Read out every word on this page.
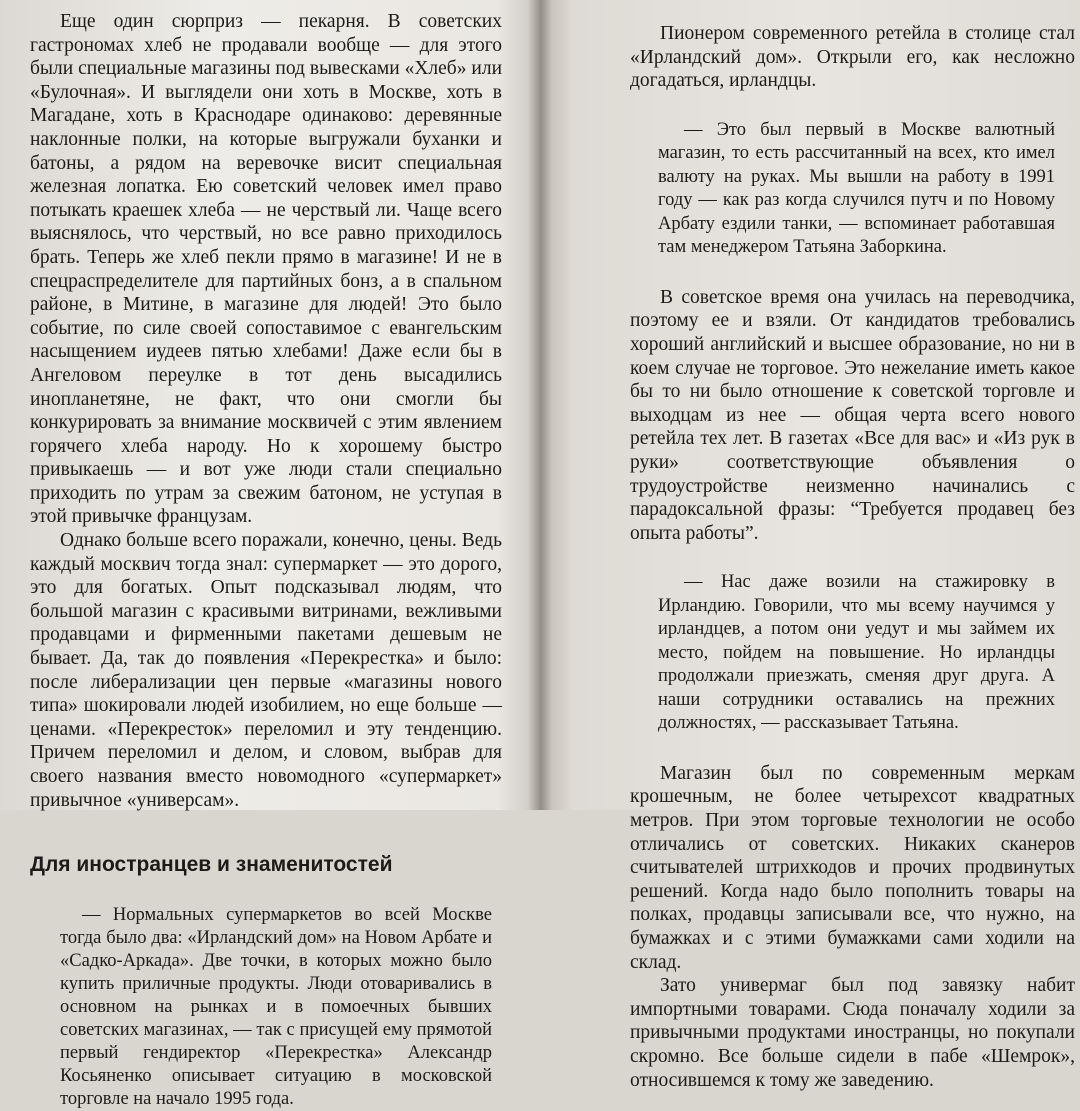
Еще один сюрприз — пекарня. В советских гастрономах хлеб не продавали вообще — для этого были специальные магазины под вывесками «Хлеб» или «Булочная». И выглядели они хоть в Москве, хоть в Магадане, хоть в Краснодаре одинаково: деревянные наклонные полки, на которые выгружали буханки и батоны, а рядом на веревочке висит специальная железная лопатка. Ею советский человек имел право потыкать краешек хлеба — не черствый ли. Чаще всего выяснялось, что черствый, но все равно приходилось брать. Теперь же хлеб пекли прямо в магазине! И не в спецраспределителе для партийных бонз, а в спальном районе, в Митине, в магазине для людей! Это было событие, по силе своей сопоставимое с евангельским насыщением иудеев пятью хлебами! Даже если бы в Ангеловом переулке в тот день высадились инопланетяне, не факт, что они смогли бы конкурировать за внимание москвичей с этим явлением горячего хлеба народу. Но к хорошему быстро привыкаешь — и вот уже люди стали специально приходить по утрам за свежим батоном, не уступая в этой привычке французам.

Однако больше всего поражали, конечно, цены. Ведь каждый москвич тогда знал: супермаркет — это дорого, это для богатых. Опыт подсказывал людям, что большой магазин с красивыми витринами, вежливыми продавцами и фирменными пакетами дешевым не бывает. Да, так до появления «Перекрестка» и было: после либерализации цен первые «магазины нового типа» шокировали людей изобилием, но еще больше — ценами. «Перекресток» переломил и эту тенденцию. Причем переломил и делом, и словом, выбрав для своего названия вместо новомодного «супермаркет» привычное «универсам».

Для иностранцев и знаменитостей

— Нормальных супермаркетов во всей Москве тогда было два: «Ирландский дом» на Новом Арбате и «Садко-Аркада». Две точки, в которых можно было купить приличные продукты. Люди отоваривались в основном на рынках и в помоечных бывших советских магазинах, — так с присущей ему прямотой первый гендиректор «Перекрестка» Александр Косьяненко описывает ситуацию в московской торговле на начало 1995 года.

Пионером современного ретейла в столице стал «Ирландский дом». Открыли его, как несложно догадаться, ирландцы.

— Это был первый в Москве валютный магазин, то есть рассчитанный на всех, кто имел валюту на руках. Мы вышли на работу в 1991 году — как раз когда случился путч и по Новому Арбату ездили танки, — вспоминает работавшая там менеджером Татьяна Заборкина.

В советское время она училась на переводчика, поэтому ее и взяли. От кандидатов требовались хороший английский и высшее образование, но ни в коем случае не торговое. Это нежелание иметь какое бы то ни было отношение к советской торговле и выходцам из нее — общая черта всего нового ретейла тех лет. В газетах «Все для вас» и «Из рук в руки» соответствующие объявления о трудоустройстве неизменно начинались с парадоксальной фразы: “Требуется продавец без опыта работы”.

— Нас даже возили на стажировку в Ирландию. Говорили, что мы всему научимся у ирландцев, а потом они уедут и мы займем их место, пойдем на повышение. Но ирландцы продолжали приезжать, сменяя друг друга. А наши сотрудники оставались на прежних должностях, — рассказывает Татьяна.

Магазин был по современным меркам крошечным, не более четырехсот квадратных метров. При этом торговые технологии не особо отличались от советских. Никаких сканеров считывателей штрихкодов и прочих продвинутых решений. Когда надо было пополнить товары на полках, продавцы записывали все, что нужно, на бумажках и с этими бумажками сами ходили на склад.

Зато универмаг был под завязку набит импортными товарами. Сюда поначалу ходили за привычными продуктами иностранцы, но покупали скромно. Все больше сидели в пабе «Шемрок», относившемся к тому же заведению.
